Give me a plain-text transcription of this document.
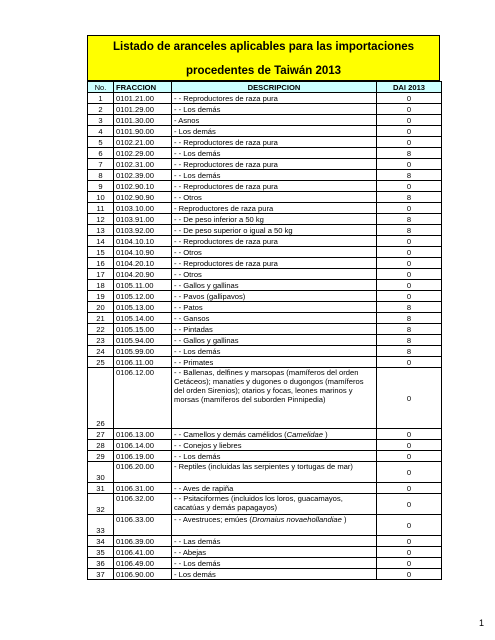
Listado de aranceles aplicables para las importaciones
procedentes de Taiwán 2013
No.	FRACCION	DESCRIPCION	DAI 2013
1	0101.21.00	- - Reproductores de raza pura	0
2	0101.29.00	- - Los demás	0
3	0101.30.00	- Asnos	0
4	0101.90.00	- Los demás	0
5	0102.21.00	- - Reproductores de raza pura	0
6	0102.29.00	- - Los demás	8
7	0102.31.00	- - Reproductores de raza pura	0
8	0102.39.00	- - Los demás	8
9	0102.90.10	- - Reproductores de raza pura	0
10	0102.90.90	- - Otros	8
11	0103.10.00	- Reproductores de raza pura	0
12	0103.91.00	- - De peso inferior a 50 kg	8
13	0103.92.00	- - De peso superior o igual a 50 kg	8
14	0104.10.10	- - Reproductores de raza pura	0
15	0104.10.90	- - Otros	0
16	0104.20.10	- - Reproductores de raza pura	0
17	0104.20.90	- - Otros	0
18	0105.11.00	- - Gallos y gallinas	0
19	0105.12.00	- - Pavos (gallipavos)	0
20	0105.13.00	- - Patos	8
21	0105.14.00	- - Gansos	8
22	0105.15.00	- - Pintadas	8
23	0105.94.00	- - Gallos y gallinas	8
24	0105.99.00	- - Los demás	8
25	0106.11.00	- - Primates	0
26	0106.12.00	- - Ballenas, delfines y marsopas (mamíferos del orden Cetáceos); manatíes y dugones o dugongos (mamíferos del orden Sirenios); otarios y focas, leones marinos y morsas (mamíferos del suborden Pinnipedia)	0
27	0106.13.00	- - Camellos y demás camélidos (Camelidae )	0
28	0106.14.00	- - Conejos y liebres	0
29	0106.19.00	- - Los demás	0
30	0106.20.00	- Reptiles (incluidas las serpientes y tortugas de mar)	0
31	0106.31.00	- - Aves de rapiña	0
32	0106.32.00	- - Psitaciformes (incluidos los loros, guacamayos, cacatúas y demás papagayos)	0
33	0106.33.00	- - Avestruces; emúes (Dromaius novaehollandiae )	0
34	0106.39.00	- - Las demás	0
35	0106.41.00	- - Abejas	0
36	0106.49.00	- - Los demás	0
37	0106.90.00	- Los demás	0
1
